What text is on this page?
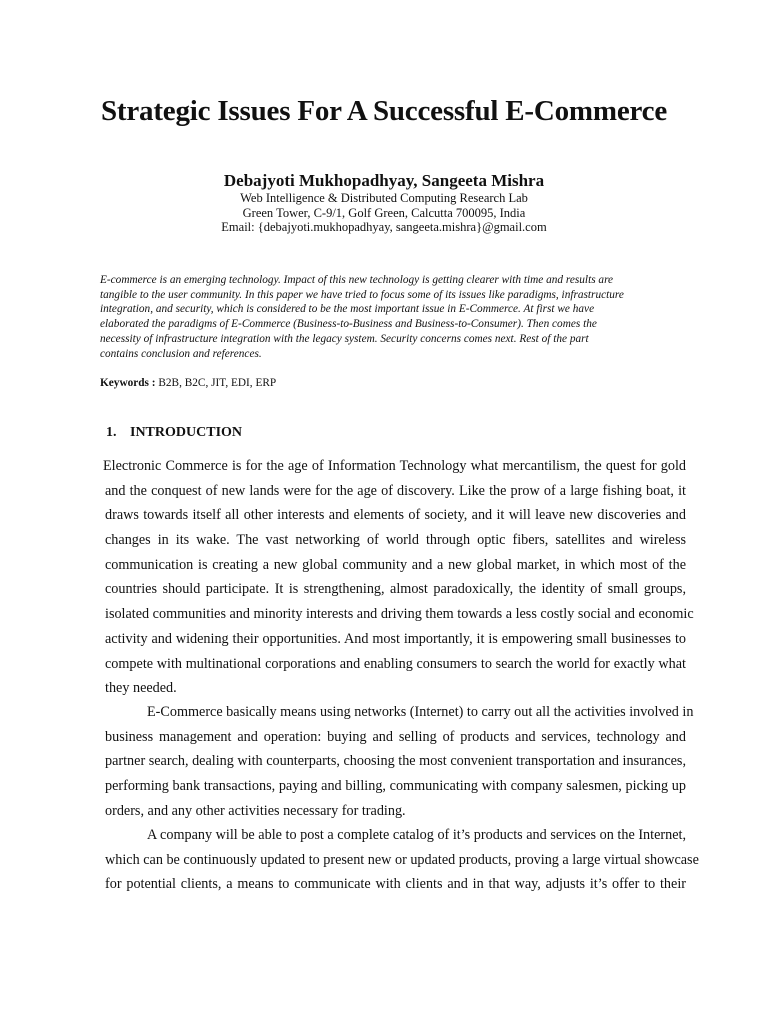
Strategic Issues For A Successful E-Commerce
Debajyoti Mukhopadhyay, Sangeeta Mishra
Web Intelligence & Distributed Computing Research Lab
Green Tower, C-9/1, Golf Green, Calcutta 700095, India
Email: {debajyoti.mukhopadhyay, sangeeta.mishra}@gmail.com
E-commerce is an emerging technology. Impact of this new technology is getting clearer with time and results are
tangible to the user community. In this paper we have tried to focus some of its issues like paradigms, infrastructure
integration, and security, which is considered to be the most important issue in E-Commerce. At first we have
elaborated the paradigms of E-Commerce (Business-to-Business and Business-to-Consumer). Then comes the
necessity of infrastructure integration with the legacy system. Security concerns comes next. Rest of the part
contains conclusion and references.
Keywords : B2B, B2C, JIT, EDI, ERP
1. INTRODUCTION
Electronic Commerce is for the age of Information Technology what mercantilism, the quest for gold
and the conquest of new lands were for the age of discovery. Like the prow of a large fishing boat, it
draws towards itself all other interests and elements of society, and it will leave new discoveries and
changes in its wake. The vast networking of world through optic fibers, satellites and wireless
communication is creating a new global community and a new global market, in which most of the
countries should participate. It is strengthening, almost paradoxically, the identity of small groups,
isolated communities and minority interests and driving them towards a less costly social and economic
activity and widening their opportunities. And most importantly, it is empowering small businesses to
compete with multinational corporations and enabling consumers to search the world for exactly what
they needed.
E-Commerce basically means using networks (Internet) to carry out all the activities involved in
business management and operation: buying and selling of products and services, technology and
partner search, dealing with counterparts, choosing the most convenient transportation and insurances,
performing bank transactions, paying and billing, communicating with company salesmen, picking up
orders, and any other activities necessary for trading.
A company will be able to post a complete catalog of it’s products and services on the Internet,
which can be continuously updated to present new or updated products, proving a large virtual showcase
for potential clients, a means to communicate with clients and in that way, adjusts it’s offer to their
